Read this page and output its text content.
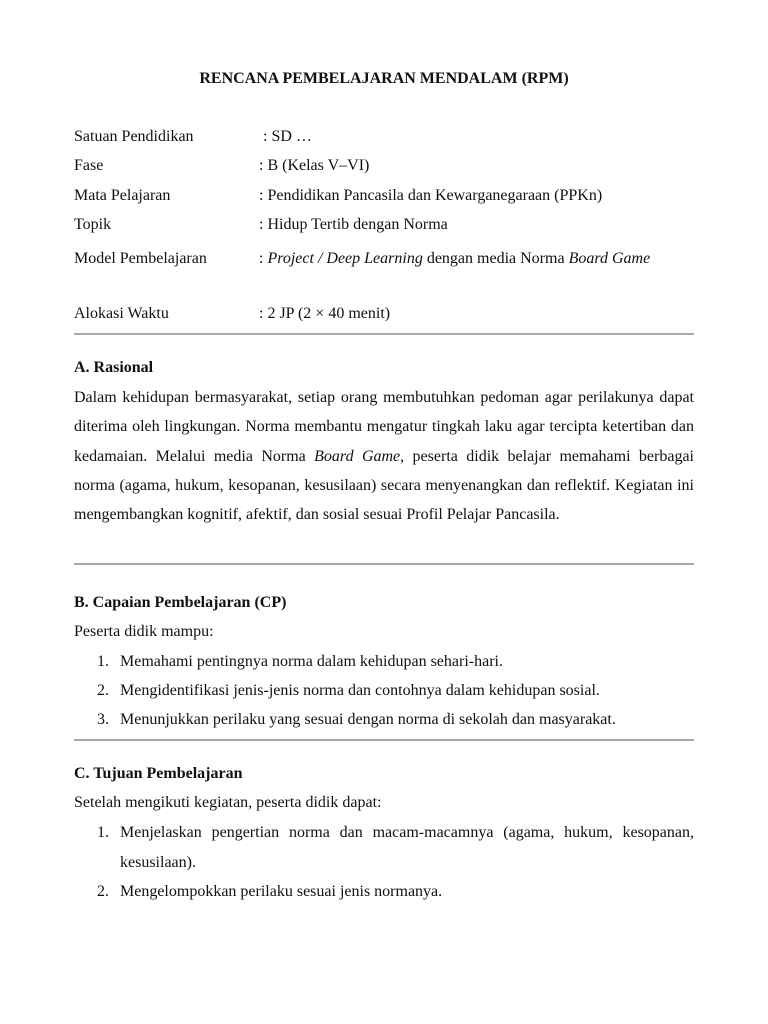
RENCANA PEMBELAJARAN MENDALAM (RPM)
Satuan Pendidikan	: SD …
Fase	: B (Kelas V–VI)
Mata Pelajaran	: Pendidikan Pancasila dan Kewarganegaraan (PPKn)
Topik	: Hidup Tertib dengan Norma
Model Pembelajaran	: Project / Deep Learning dengan media Norma Board Game
Alokasi Waktu	: 2 JP (2 × 40 menit)
A. Rasional
Dalam kehidupan bermasyarakat, setiap orang membutuhkan pedoman agar perilakunya dapat diterima oleh lingkungan. Norma membantu mengatur tingkah laku agar tercipta ketertiban dan kedamaian. Melalui media Norma Board Game, peserta didik belajar memahami berbagai norma (agama, hukum, kesopanan, kesusilaan) secara menyenangkan dan reflektif. Kegiatan ini mengembangkan kognitif, afektif, dan sosial sesuai Profil Pelajar Pancasila.
B. Capaian Pembelajaran (CP)
Peserta didik mampu:
1. Memahami pentingnya norma dalam kehidupan sehari-hari.
2. Mengidentifikasi jenis-jenis norma dan contohnya dalam kehidupan sosial.
3. Menunjukkan perilaku yang sesuai dengan norma di sekolah dan masyarakat.
C. Tujuan Pembelajaran
Setelah mengikuti kegiatan, peserta didik dapat:
1. Menjelaskan pengertian norma dan macam-macamnya (agama, hukum, kesopanan, kesusilaan).
2. Mengelompokkan perilaku sesuai jenis normanya.
